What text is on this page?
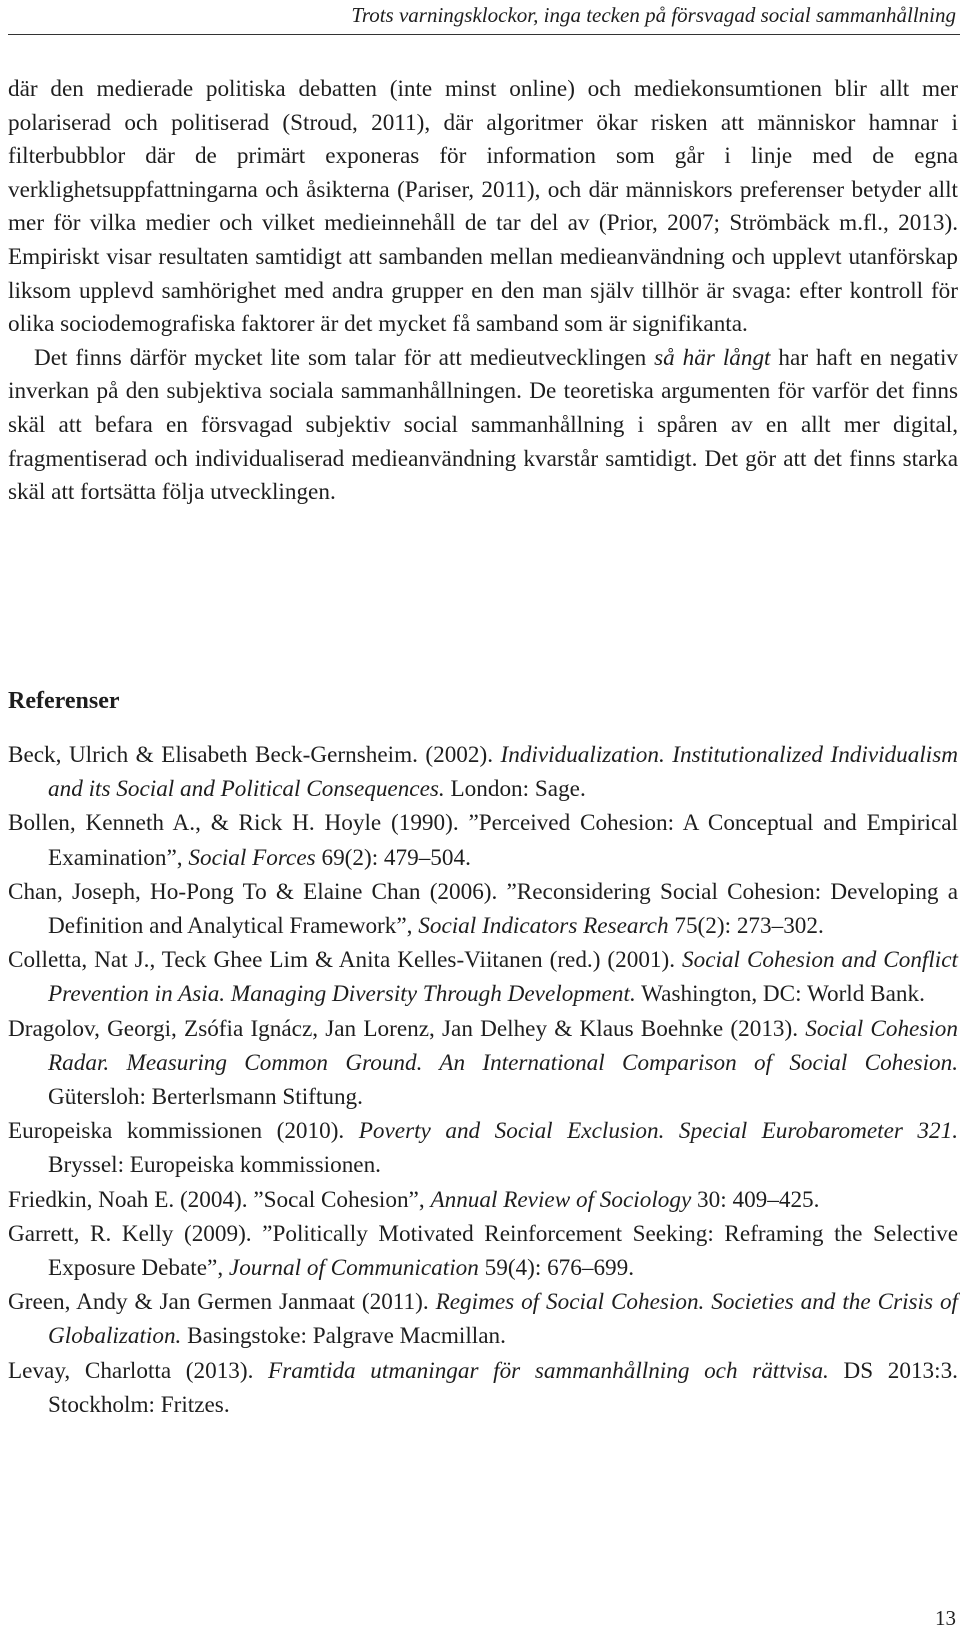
Trots varningsklockor, inga tecken på försvagad social sammanhållning

där den medierade politiska debatten (inte minst online) och mediekonsumtionen blir allt mer polariserad och politiserad (Stroud, 2011), där algoritmer ökar risken att människor hamnar i filterbubblor där de primärt exponeras för information som går i linje med de egna verklighetsuppfattningarna och åsikterna (Pariser, 2011), och där människors preferenser betyder allt mer för vilka medier och vilket medieinnehåll de tar del av (Prior, 2007; Strömbäck m.fl., 2013). Empiriskt visar resultaten samtidigt att sambanden mellan medieanvändning och upplevt utanförskap liksom upplevd samhörighet med andra grupper en den man själv tillhör är svaga: efter kontroll för olika sociodemografiska faktorer är det mycket få samband som är signifikanta.

Det finns därför mycket lite som talar för att medieutvecklingen så här långt har haft en negativ inverkan på den subjektiva sociala sammanhållningen. De teoretiska argumenten för varför det finns skäl att befara en försvagad subjektiv social sammanhållning i spåren av en allt mer digital, fragmentiserad och individualiserad medieanvändning kvarstår samtidigt. Det gör att det finns starka skäl att fortsätta följa utvecklingen.

Referenser

Beck, Ulrich & Elisabeth Beck-Gernsheim. (2002). Individualization. Institutionalized Individualism and its Social and Political Consequences. London: Sage.

Bollen, Kenneth A., & Rick H. Hoyle (1990). ”Perceived Cohesion: A Conceptual and Empirical Examination”, Social Forces 69(2): 479–504.

Chan, Joseph, Ho-Pong To & Elaine Chan (2006). ”Reconsidering Social Cohesion: Developing a Definition and Analytical Framework”, Social Indicators Research 75(2): 273–302.

Colletta, Nat J., Teck Ghee Lim & Anita Kelles-Viitanen (red.) (2001). Social Cohesion and Conflict Prevention in Asia. Managing Diversity Through Development. Washington, DC: World Bank.

Dragolov, Georgi, Zsófia Ignácz, Jan Lorenz, Jan Delhey & Klaus Boehnke (2013). Social Cohesion Radar. Measuring Common Ground. An International Comparison of Social Cohesion. Gütersloh: Berterlsmann Stiftung.

Europeiska kommissionen (2010). Poverty and Social Exclusion. Special Eurobarometer 321. Bryssel: Europeiska kommissionen.

Friedkin, Noah E. (2004). ”Socal Cohesion”, Annual Review of Sociology 30: 409–425.

Garrett, R. Kelly (2009). ”Politically Motivated Reinforcement Seeking: Reframing the Selective Exposure Debate”, Journal of Communication 59(4): 676–699.

Green, Andy & Jan Germen Janmaat (2011). Regimes of Social Cohesion. Societies and the Crisis of Globalization. Basingstoke: Palgrave Macmillan.

Levay, Charlotta (2013). Framtida utmaningar för sammanhållning och rättvisa. DS 2013:3. Stockholm: Fritzes.

13
